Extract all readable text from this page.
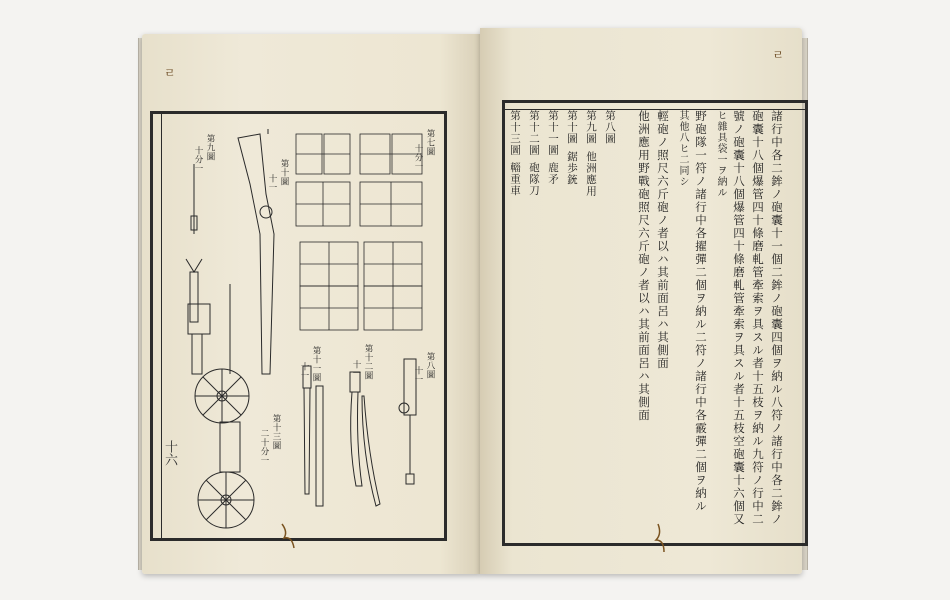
ㄹ
十六
第九圖
十分一	第十圖
十一
第七圖
十分一
第八圖
十一
第十二圖
十一
第十一圖
十一
第十三圖
二十分一
ㄹ
諸行中各二鉾ノ砲囊十一個二鉾ノ砲囊四個ヲ納ル八符ノ諸行中各二鉾ノ
砲囊十八個爆管四十條磨軋管牽索ヲ具スル者十五枝ヲ納ル九符ノ行中二
號ノ砲囊十八個爆管四十條磨軋管牽索ヲ具スル者十五枝空砲囊十六個又
ヒ雜具袋一ヲ納ル
野砲隊一符ノ諸行中各擢彈二個ヲ納ル二符ノ諸行中各霰彈二個ヲ納ル
其他八ヒ二同シ
輕砲ノ照尺六斤砲ノ者以ハ其前面呂ハ其側面
他洲應用野戰砲照尺六斤砲ノ者以ハ其前面呂ハ其側面
第八圖
第九圖
他洲應用
第十圖
鋸歩銃
第十一圖
鹿矛
第十二圖
砲隊刀
第十三圖
輜重車
